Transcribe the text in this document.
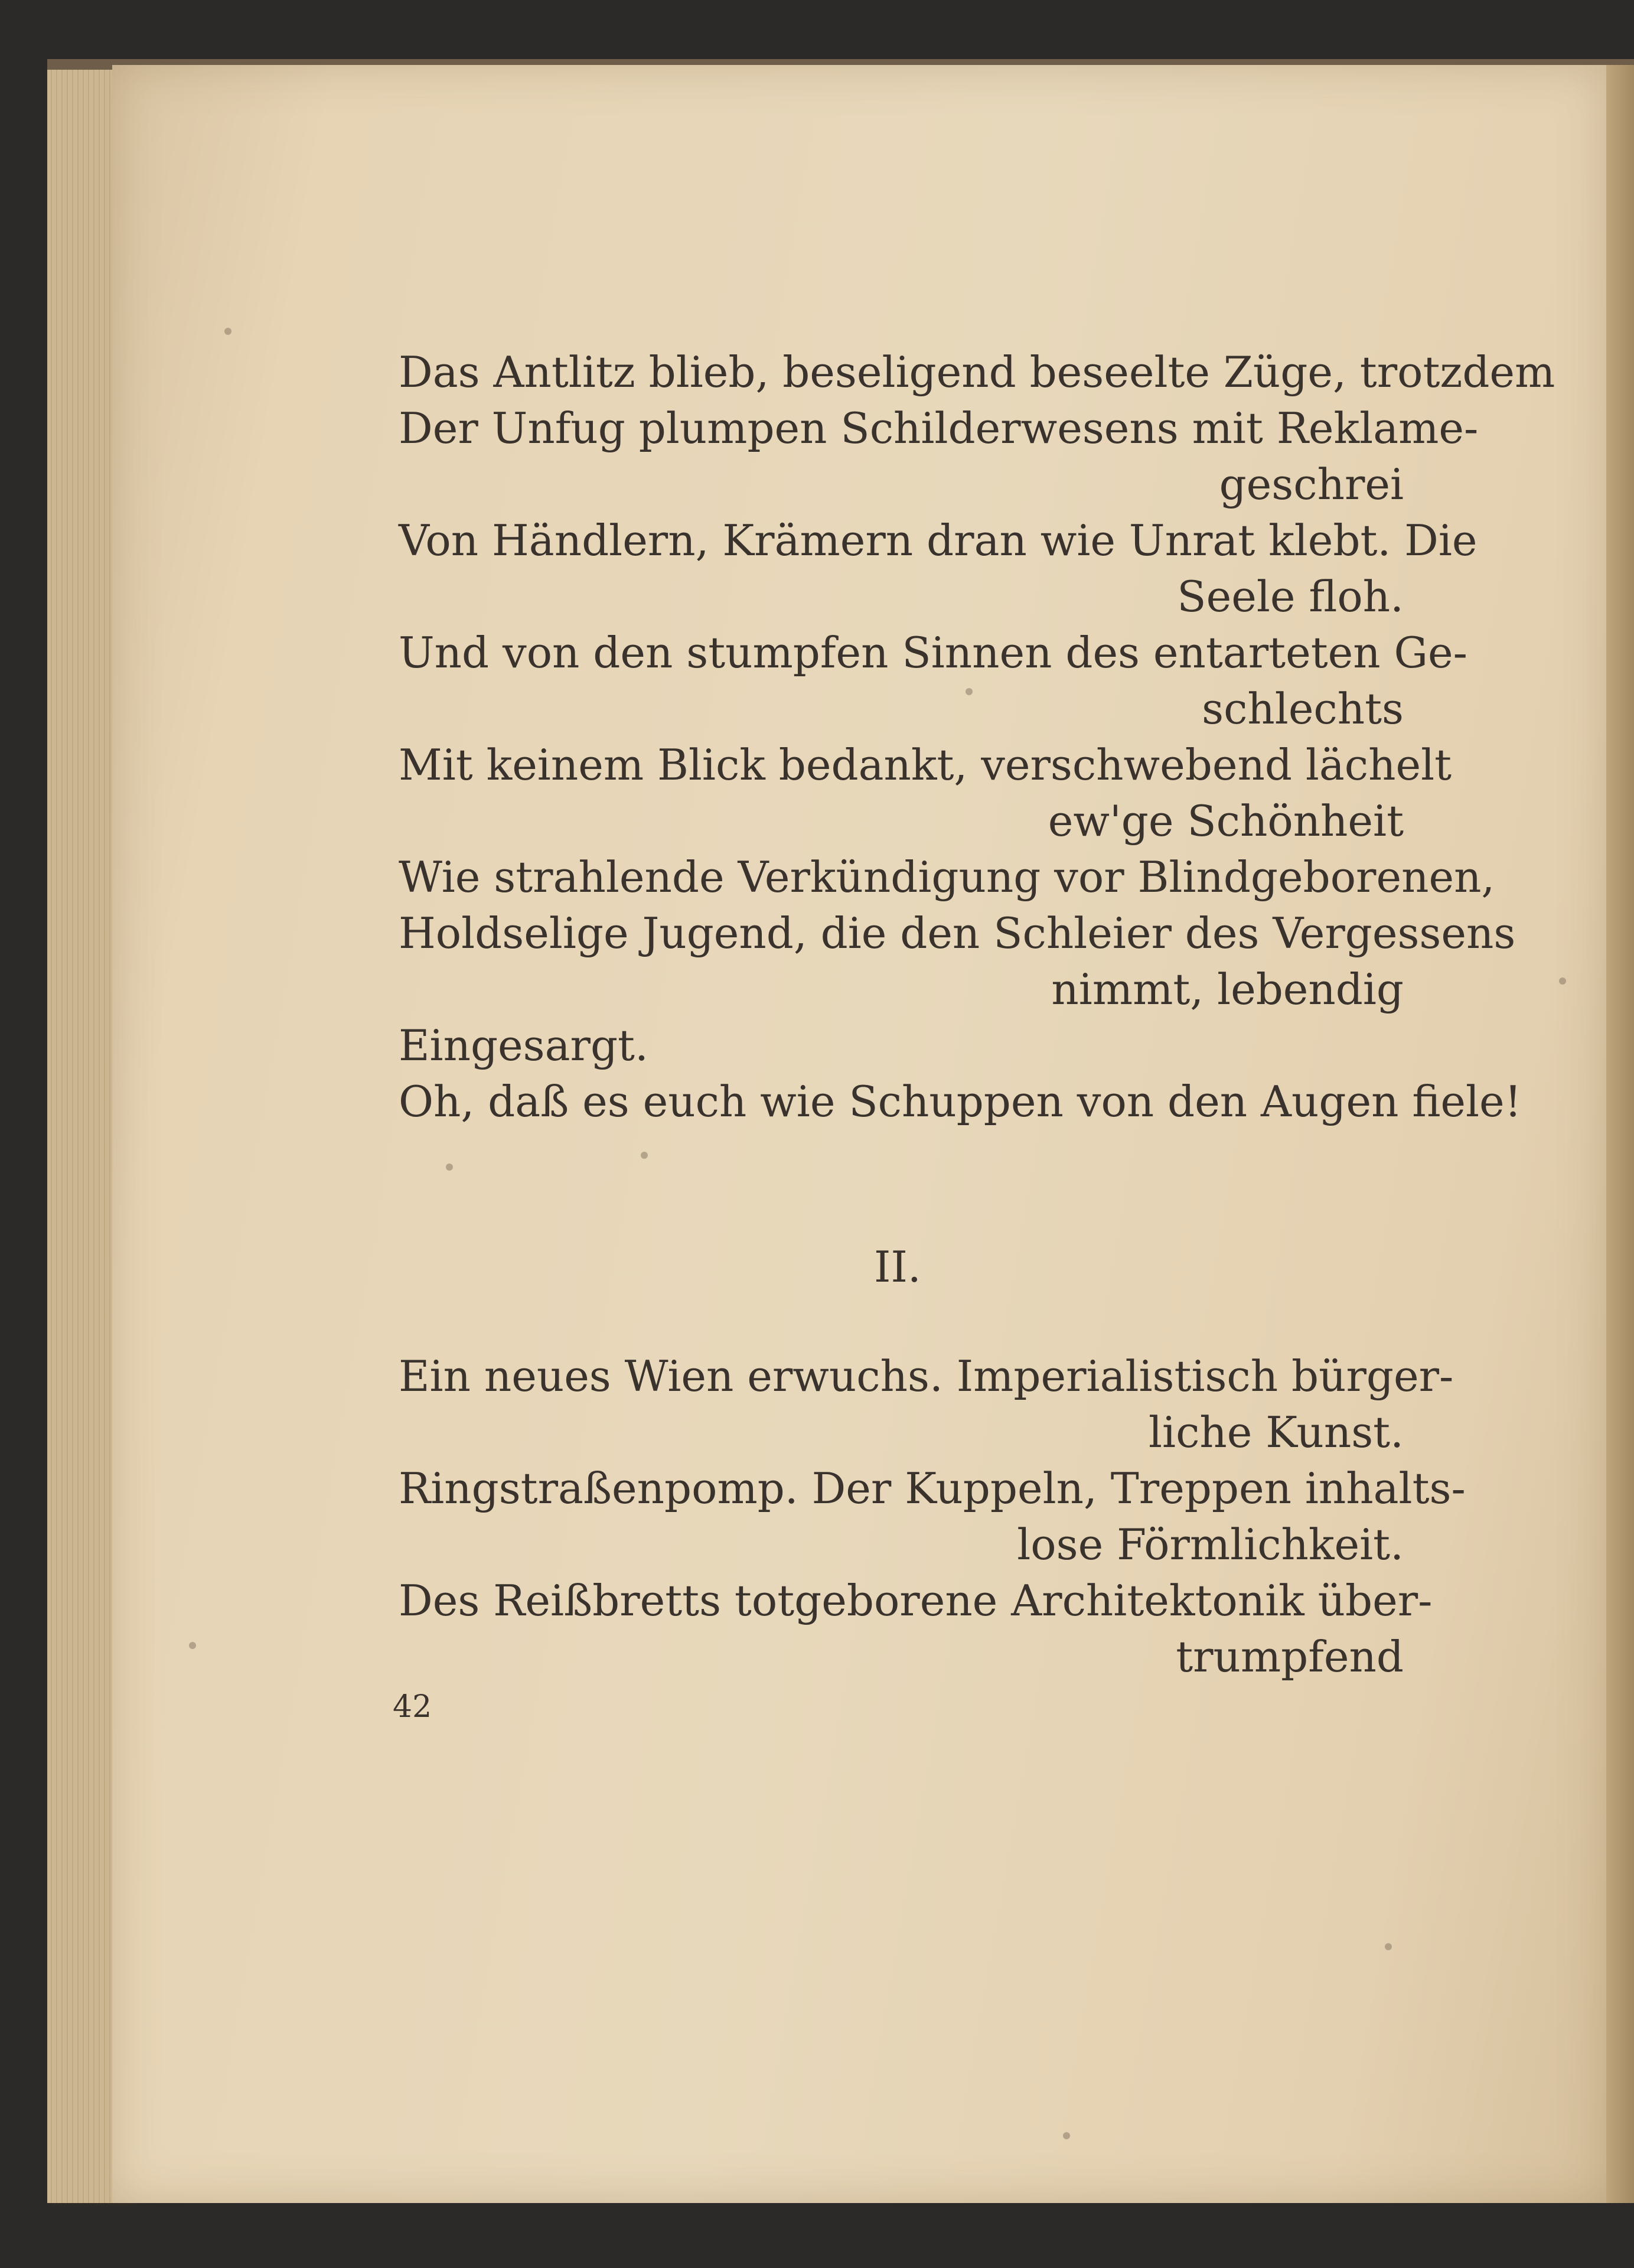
Das Antlitz blieb, beseligend beseelte Züge, trotzdem
Der Unfug plumpen Schilderwesens mit Reklame-
geschrei
Von Händlern, Krämern dran wie Unrat klebt. Die
Seele floh.
Und von den stumpfen Sinnen des entarteten Ge-
schlechts
Mit keinem Blick bedankt, verschwebend lächelt
ew'ge Schönheit
Wie strahlende Verkündigung vor Blindgeborenen,
Holdselige Jugend, die den Schleier des Vergessens
nimmt, lebendig
Eingesargt.
Oh, daß es euch wie Schuppen von den Augen fiele!
II.
Ein neues Wien erwuchs. Imperialistisch bürger-
liche Kunst.
Ringstraßenpomp. Der Kuppeln, Treppen inhalts-
lose Förmlichkeit.
Des Reißbretts totgeborene Architektonik über-
trumpfend
42
